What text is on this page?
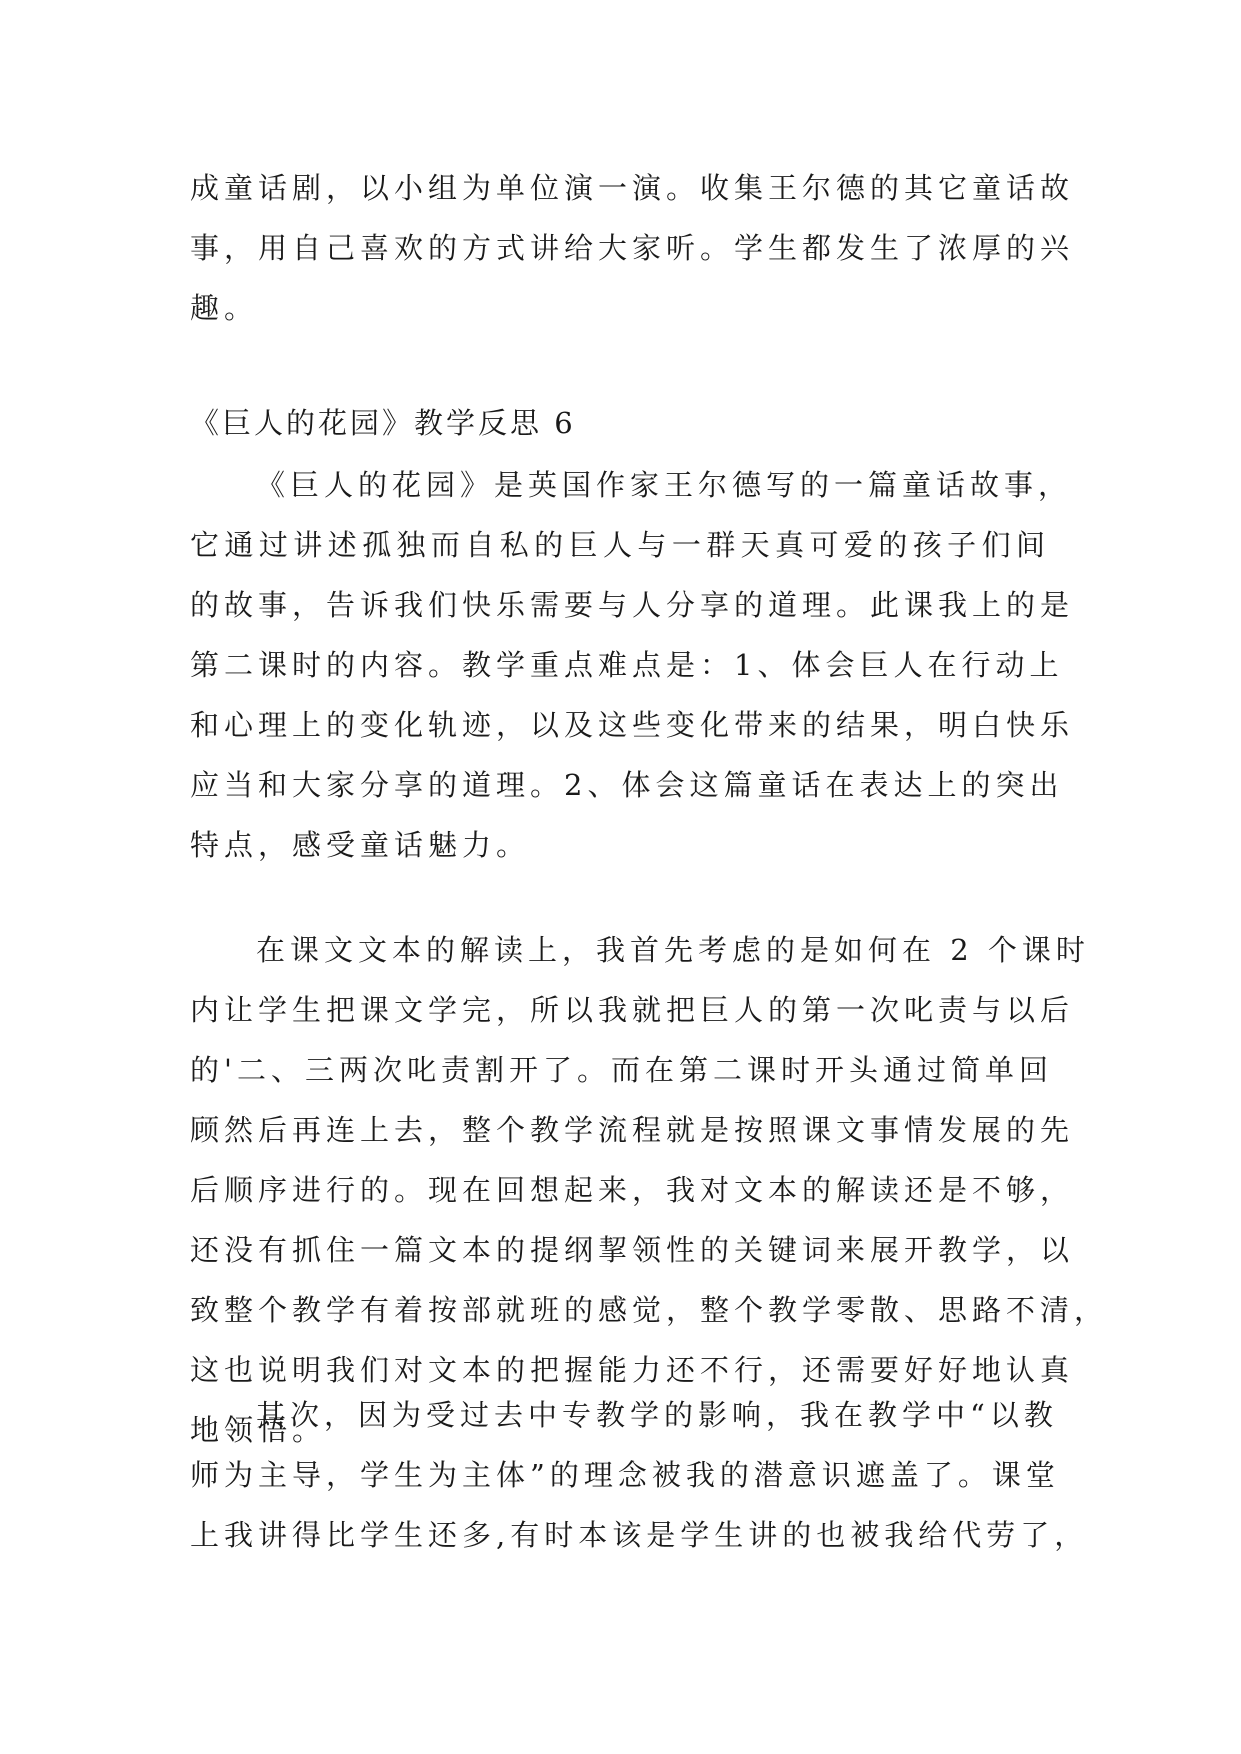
成童话剧，以小组为单位演一演。收集王尔德的其它童话故
事，用自己喜欢的方式讲给大家听。学生都发生了浓厚的兴
趣。
《巨人的花园》教学反思 6
《巨人的花园》是英国作家王尔德写的一篇童话故事，
它通过讲述孤独而自私的巨人与一群天真可爱的孩子们间
的故事，告诉我们快乐需要与人分享的道理。此课我上的是
第二课时的内容。教学重点难点是：1、体会巨人在行动上
和心理上的变化轨迹，以及这些变化带来的结果，明白快乐
应当和大家分享的道理。2、体会这篇童话在表达上的突出
特点，感受童话魅力。
在课文文本的解读上，我首先考虑的是如何在 2 个课时
内让学生把课文学完，所以我就把巨人的第一次叱责与以后
的'二、三两次叱责割开了。而在第二课时开头通过简单回
顾然后再连上去，整个教学流程就是按照课文事情发展的先
后顺序进行的。现在回想起来，我对文本的解读还是不够，
还没有抓住一篇文本的提纲挈领性的关键词来展开教学，以
致整个教学有着按部就班的感觉，整个教学零散、思路不清，
这也说明我们对文本的把握能力还不行，还需要好好地认真
地领悟。
其次，因为受过去中专教学的影响，我在教学中“以教
师为主导，学生为主体”的理念被我的潜意识遮盖了。课堂
上我讲得比学生还多,有时本该是学生讲的也被我给代劳了，
